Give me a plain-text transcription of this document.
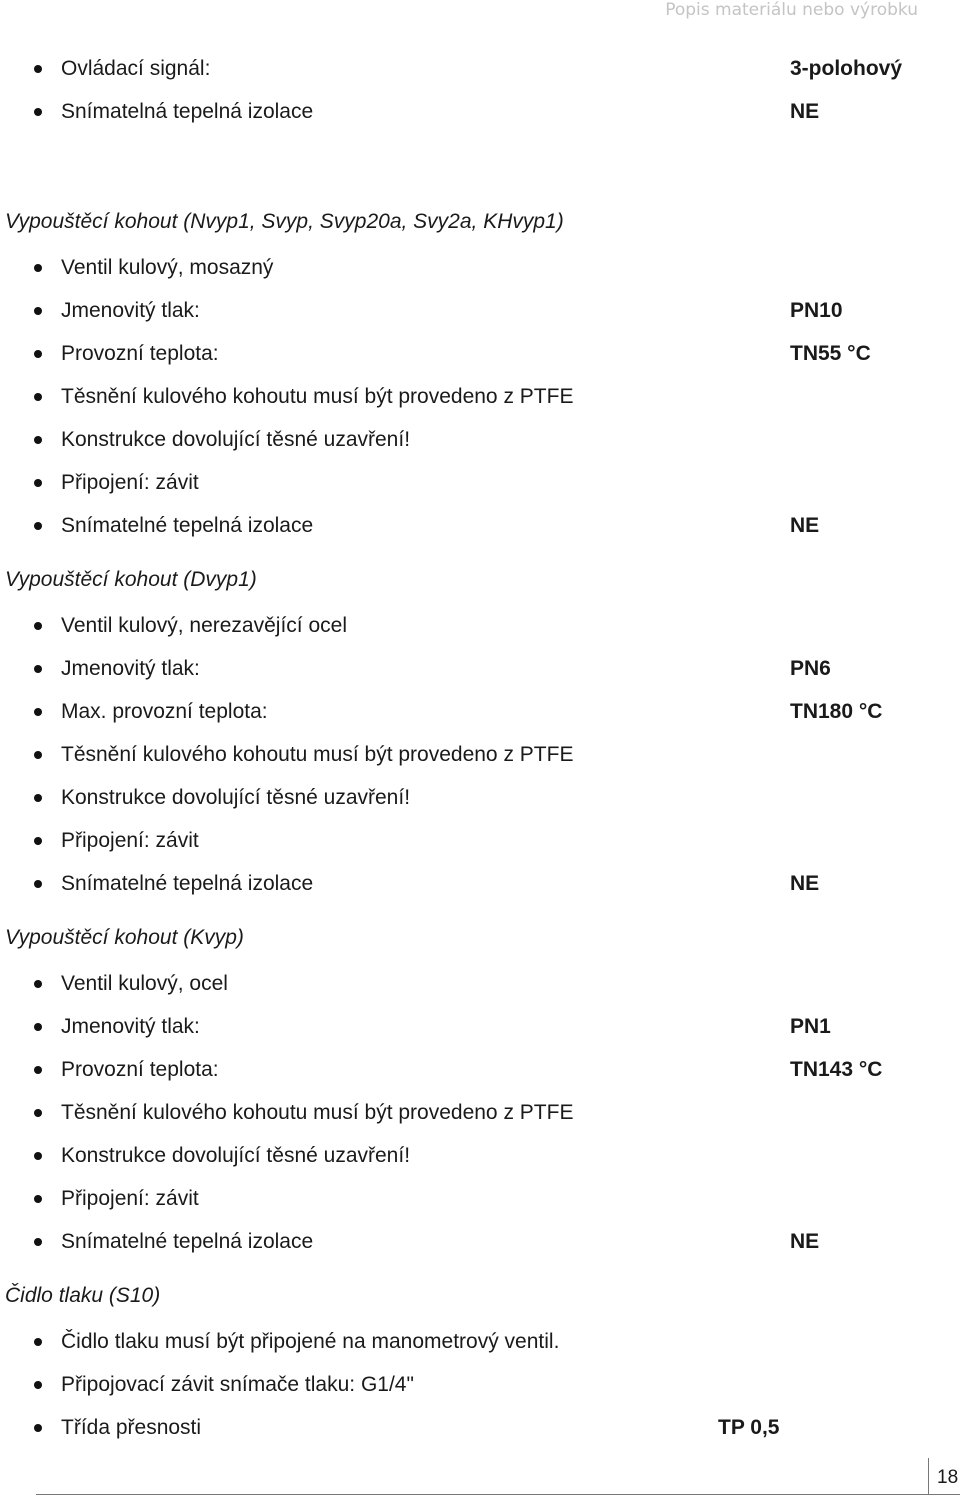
Popis materiálu nebo výrobku
Ovládací signál:	3-polohový
Snímatelná tepelná izolace	NE
Vypouštěcí kohout (Nvyp1, Svyp, Svyp20a, Svy2a, KHvyp1)
Ventil kulový, mosazný
Jmenovitý tlak:	PN10
Provozní teplota:	TN55 °C
Těsnění kulového kohoutu musí být provedeno z PTFE
Konstrukce dovolující těsné uzavření!
Připojení: závit
Snímatelné tepelná izolace	NE
Vypouštěcí kohout (Dvyp1)
Ventil kulový, nerezavějící ocel
Jmenovitý tlak:	PN6
Max. provozní teplota:	TN180 °C
Těsnění kulového kohoutu musí být provedeno z PTFE
Konstrukce dovolující těsné uzavření!
Připojení: závit
Snímatelné tepelná izolace	NE
Vypouštěcí kohout (Kvyp)
Ventil kulový, ocel
Jmenovitý tlak:	PN1
Provozní teplota:	TN143 °C
Těsnění kulového kohoutu musí být provedeno z PTFE
Konstrukce dovolující těsné uzavření!
Připojení: závit
Snímatelné tepelná izolace	NE
Čidlo tlaku (S10)
Čidlo tlaku musí být připojené na manometrový ventil.
Připojovací závit snímače tlaku: G1/4"
Třída přesnosti	TP 0,5
18
